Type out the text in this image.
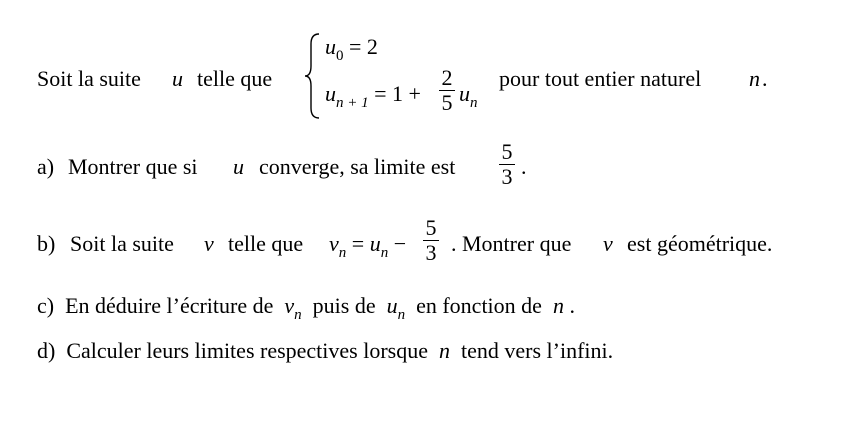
Soit la suite u telle que
$u_0 = 2$
$u_{n + 1} = 1$ +
2
5 $u_n$
pour tout entier naturel n .
a) Montrer que si u converge, sa limite est
5
3 .
b) Soit la suite v telle que $v_n = u_n$ −
5
3 . Montrer que v est géométrique.
c) En déduire l’écriture de $v_n$ puis de $u_n$ en fonction de n .
d) Calculer leurs limites respectives lorsque n tend vers l’infini.
